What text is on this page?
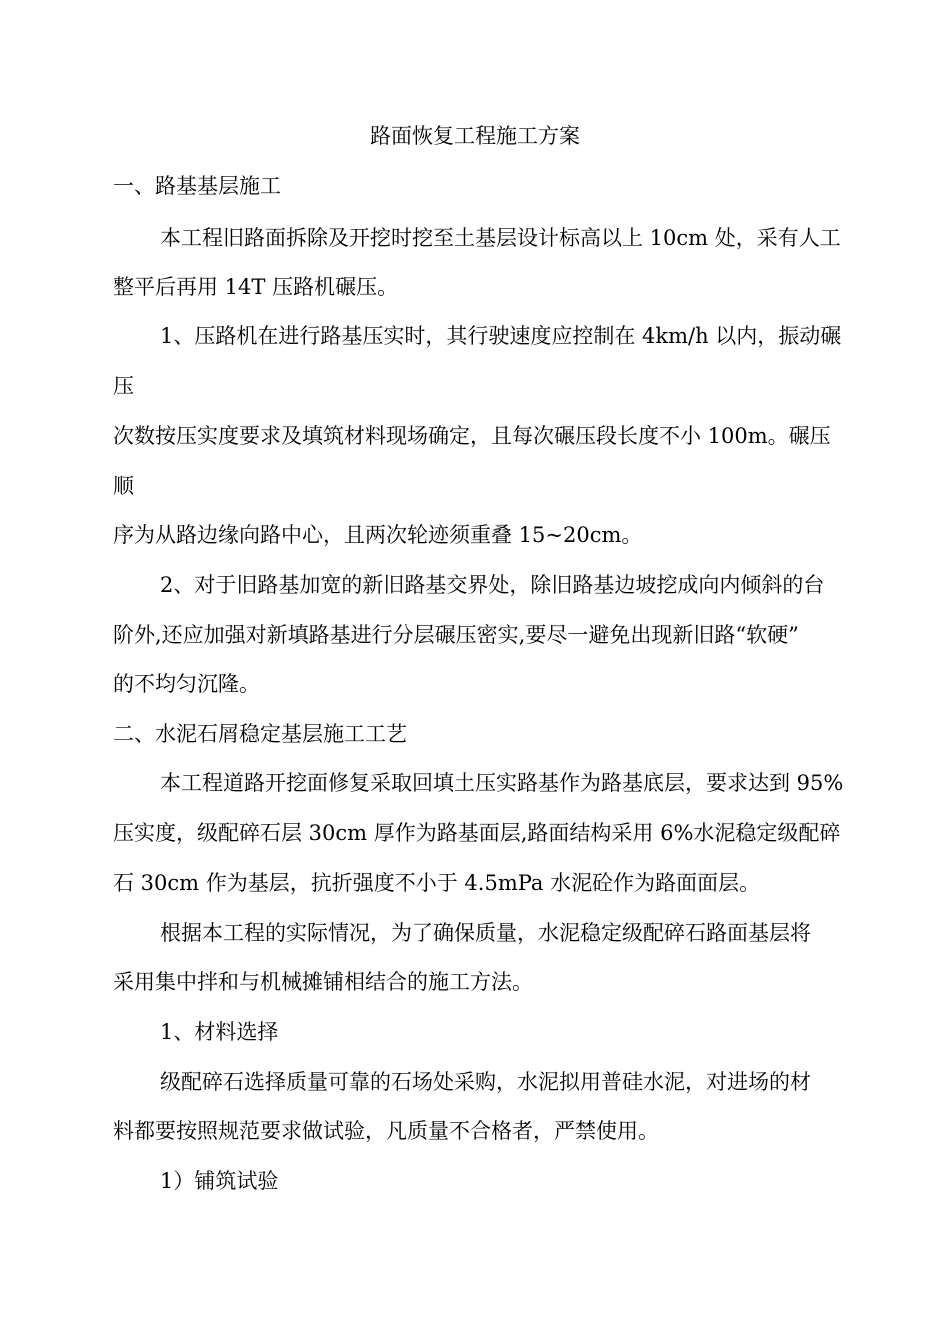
路面恢复工程施工方案

一、路基基层施工

本工程旧路面拆除及开挖时挖至土基层设计标高以上 10cm 处，采有人工

整平后再用 14T 压路机碾压。

1、压路机在进行路基压实时，其行驶速度应控制在 4km/h 以内，振动碾

压

次数按压实度要求及填筑材料现场确定，且每次碾压段长度不小 100m。碾压

顺

序为从路边缘向路中心，且两次轮迹须重叠 15~20cm。

2、对于旧路基加宽的新旧路基交界处，除旧路基边坡挖成向内倾斜的台

阶外,还应加强对新填路基进行分层碾压密实,要尽一避免出现新旧路“软硬”

的不均匀沉隆。

二、水泥石屑稳定基层施工工艺

本工程道路开挖面修复采取回填土压实路基作为路基底层，要求达到 95%

压实度，级配碎石层 30cm 厚作为路基面层,路面结构采用 6%水泥稳定级配碎

石 30cm 作为基层，抗折强度不小于 4.5mPa 水泥砼作为路面面层。

根据本工程的实际情况，为了确保质量，水泥稳定级配碎石路面基层将

采用集中拌和与机械摊铺相结合的施工方法。

1、材料选择

级配碎石选择质量可靠的石场处采购，水泥拟用普硅水泥，对进场的材

料都要按照规范要求做试验，凡质量不合格者，严禁使用。

1）铺筑试验
